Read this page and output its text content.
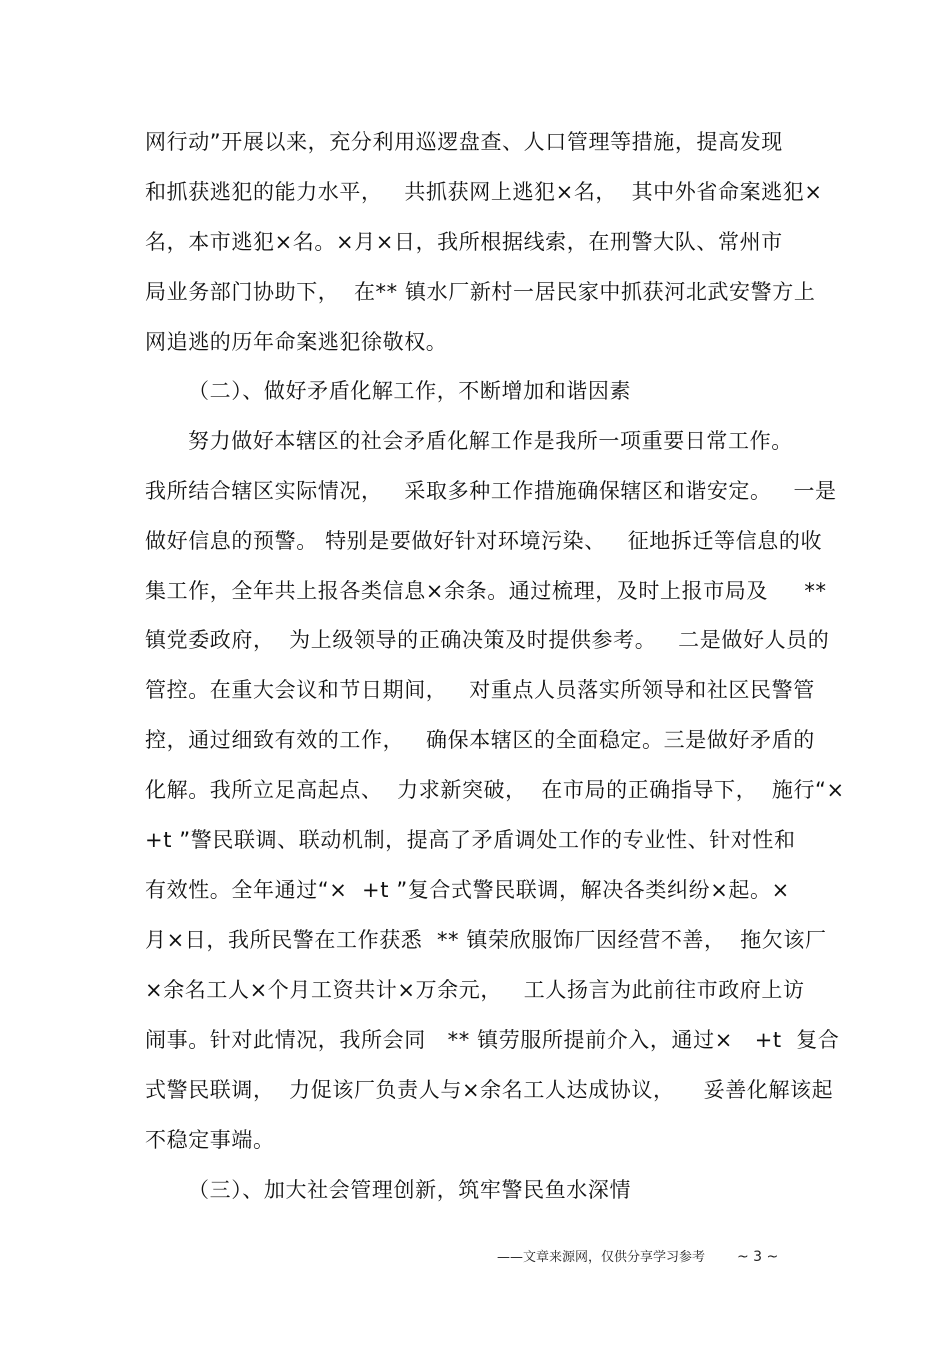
网行动”开展以来，充分利用巡逻盘查、人口管理等措施，提高发现
和抓获逃犯的能力水平，   共抓获网上逃犯×名，  其中外省命案逃犯×
名，本市逃犯×名。×月×日，我所根据线索，在刑警大队、常州市
局业务部门协助下，  在** 镇水厂新村一居民家中抓获河北武安警方上
网追逃的历年命案逃犯徐敬权。
（二）、做好矛盾化解工作，不断增加和谐因素
努力做好本辖区的社会矛盾化解工作是我所一项重要日常工作。
我所结合辖区实际情况，   采取多种工作措施确保辖区和谐安定。   一是
做好信息的预警。 特别是要做好针对环境污染、   征地拆迁等信息的收
集工作，全年共上报各类信息×余条。通过梳理，及时上报市局及     **
镇党委政府，  为上级领导的正确决策及时提供参考。   二是做好人员的
管控。在重大会议和节日期间，   对重点人员落实所领导和社区民警管
控，通过细致有效的工作，   确保本辖区的全面稳定。三是做好矛盾的
化解。我所立足高起点、  力求新突破，  在市局的正确指导下，  施行“×
+t ”警民联调、联动机制，提高了矛盾调处工作的专业性、针对性和
有效性。全年通过“×  +t ”复合式警民联调，解决各类纠纷×起。×
月×日，我所民警在工作获悉  ** 镇荣欣服饰厂因经营不善，  拖欠该厂
×余名工人×个月工资共计×万余元，   工人扬言为此前往市政府上访
闹事。针对此情况，我所会同   ** 镇劳服所提前介入，通过×   +t  复合
式警民联调，  力促该厂负责人与×余名工人达成协议，    妥善化解该起
不稳定事端。
（三）、加大社会管理创新，筑牢警民鱼水深情
——文章来源网，仅供分享学习参考 ~ 3 ~
